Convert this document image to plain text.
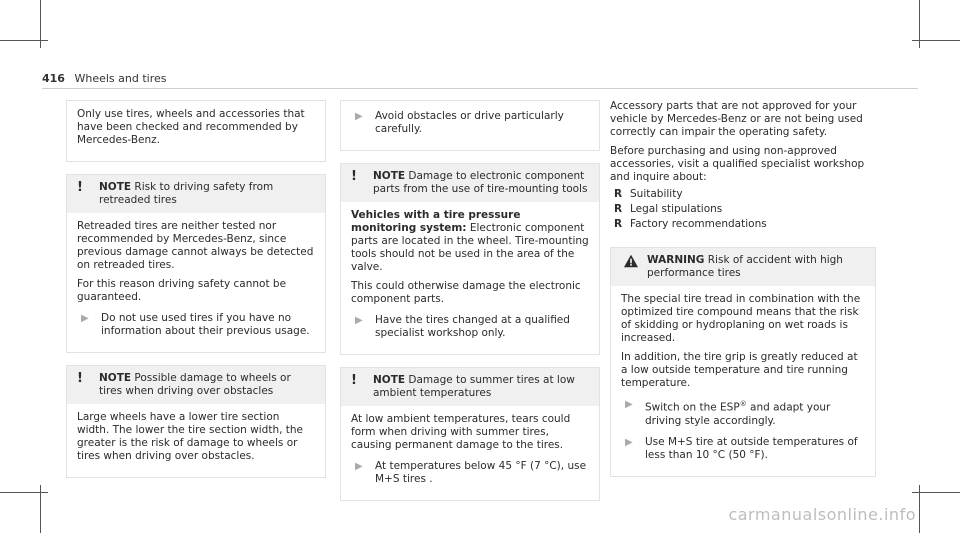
416 Wheels and tires

Only use tires, wheels and accessories that have been checked and recommended by Mercedes-Benz.

!	NOTE Risk to driving safety from retreaded tires

Retreaded tires are neither tested nor recommended by Mercedes-Benz, since previous damage cannot always be detected on retreaded tires.

For this reason driving safety cannot be guaranteed.

▶	Do not use used tires if you have no information about their previous usage.
!	NOTE Possible damage to wheels or tires when driving over obstacles

Large wheels have a lower tire section width. The lower the tire section width, the greater is the risk of damage to wheels or tires when driving over obstacles.

▶	Avoid obstacles or drive particularly carefully.
!	NOTE Damage to electronic component parts from the use of tire-mounting tools

Vehicles with a tire pressure monitoring system: Electronic component parts are located in the wheel. Tire-mounting tools should not be used in the area of the valve.

This could otherwise damage the electronic component parts.

▶	Have the tires changed at a qualified specialist workshop only.
!	NOTE Damage to summer tires at low ambient temperatures

At low ambient temperatures, tears could form when driving with summer tires, causing permanent damage to the tires.

▶	At temperatures below 45 °F (7 °C), use M+S tires .

Accessory parts that are not approved for your vehicle by Mercedes-Benz or are not being used correctly can impair the operating safety.

Before purchasing and using non-approved accessories, visit a qualified specialist workshop and inquire about:

R Suitability
R Legal stipulations
R Factory recommendations
WARNING Risk of accident with high performance tires

The special tire tread in combination with the optimized tire compound means that the risk of skidding or hydroplaning on wet roads is increased.

In addition, the tire grip is greatly reduced at a low outside temperature and tire running temperature.

▶	Switch on the ESP® and adapt your driving style accordingly.
▶	Use M+S tire at outside temperatures of less than 10 °C (50 °F).
carmanualsonline.info
